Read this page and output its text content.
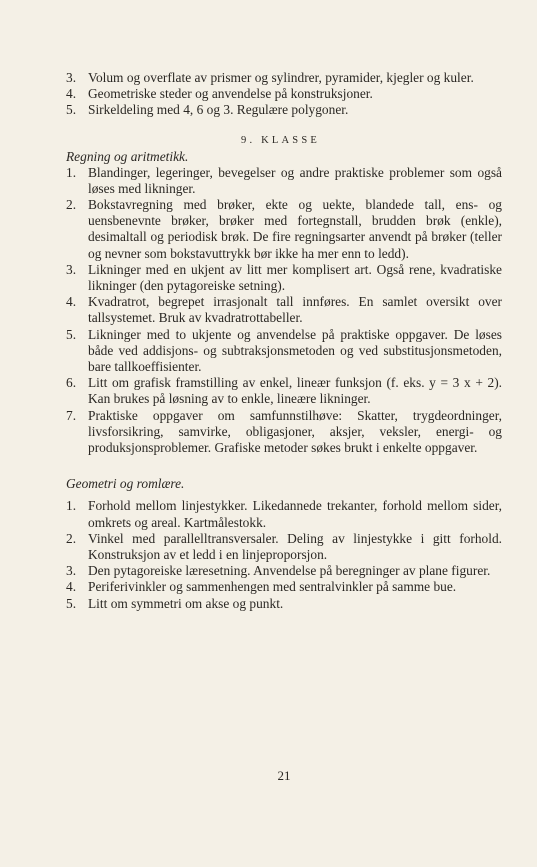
3. Volum og overflate av prismer og sylindrer, pyramider, kjegler og kuler.
4. Geometriske steder og anvendelse på konstruksjoner.
5. Sirkeldeling med 4, 6 og 3. Regulære polygoner.
9. KLASSE
Regning og aritmetikk.
1. Blandinger, legeringer, bevegelser og andre praktiske problemer som også løses med likninger.
2. Bokstavregning med brøker, ekte og uekte, blandede tall, ens- og uensbenevnte brøker, brøker med fortegnstall, brudden brøk (enkle), desimaltall og periodisk brøk. De fire regningsarter anvendt på brøker (teller og nevner som bokstavuttrykk bør ikke ha mer enn to ledd).
3. Likninger med en ukjent av litt mer komplisert art. Også rene, kvadratiske likninger (den pytagoreiske setning).
4. Kvadratrot, begrepet irrasjonalt tall innføres. En samlet oversikt over tallsystemet. Bruk av kvadratrottabeller.
5. Likninger med to ukjente og anvendelse på praktiske oppgaver. De løses både ved addisjons- og subtraksjonsmetoden og ved substitusjonsmetoden, bare tallkoeffisienter.
6. Litt om grafisk framstilling av enkel, lineær funksjon (f. eks. y = 3 x + 2). Kan brukes på løsning av to enkle, lineære likninger.
7. Praktiske oppgaver om samfunnstilhøve: Skatter, trygdeordninger, livsforsikring, samvirke, obligasjoner, aksjer, veksler, energi- og produksjonsproblemer. Grafiske metoder søkes brukt i enkelte oppgaver.
Geometri og romlære.
1. Forhold mellom linjestykker. Likedannede trekanter, forhold mellom sider, omkrets og areal. Kartmålestokk.
2. Vinkel med parallelltransversaler. Deling av linjestykke i gitt forhold. Konstruksjon av et ledd i en linjeproporsjon.
3. Den pytagoreiske læresetning. Anvendelse på beregninger av plane figurer.
4. Periferivinkler og sammenhengen med sentralvinkler på samme bue.
5. Litt om symmetri om akse og punkt.
21
